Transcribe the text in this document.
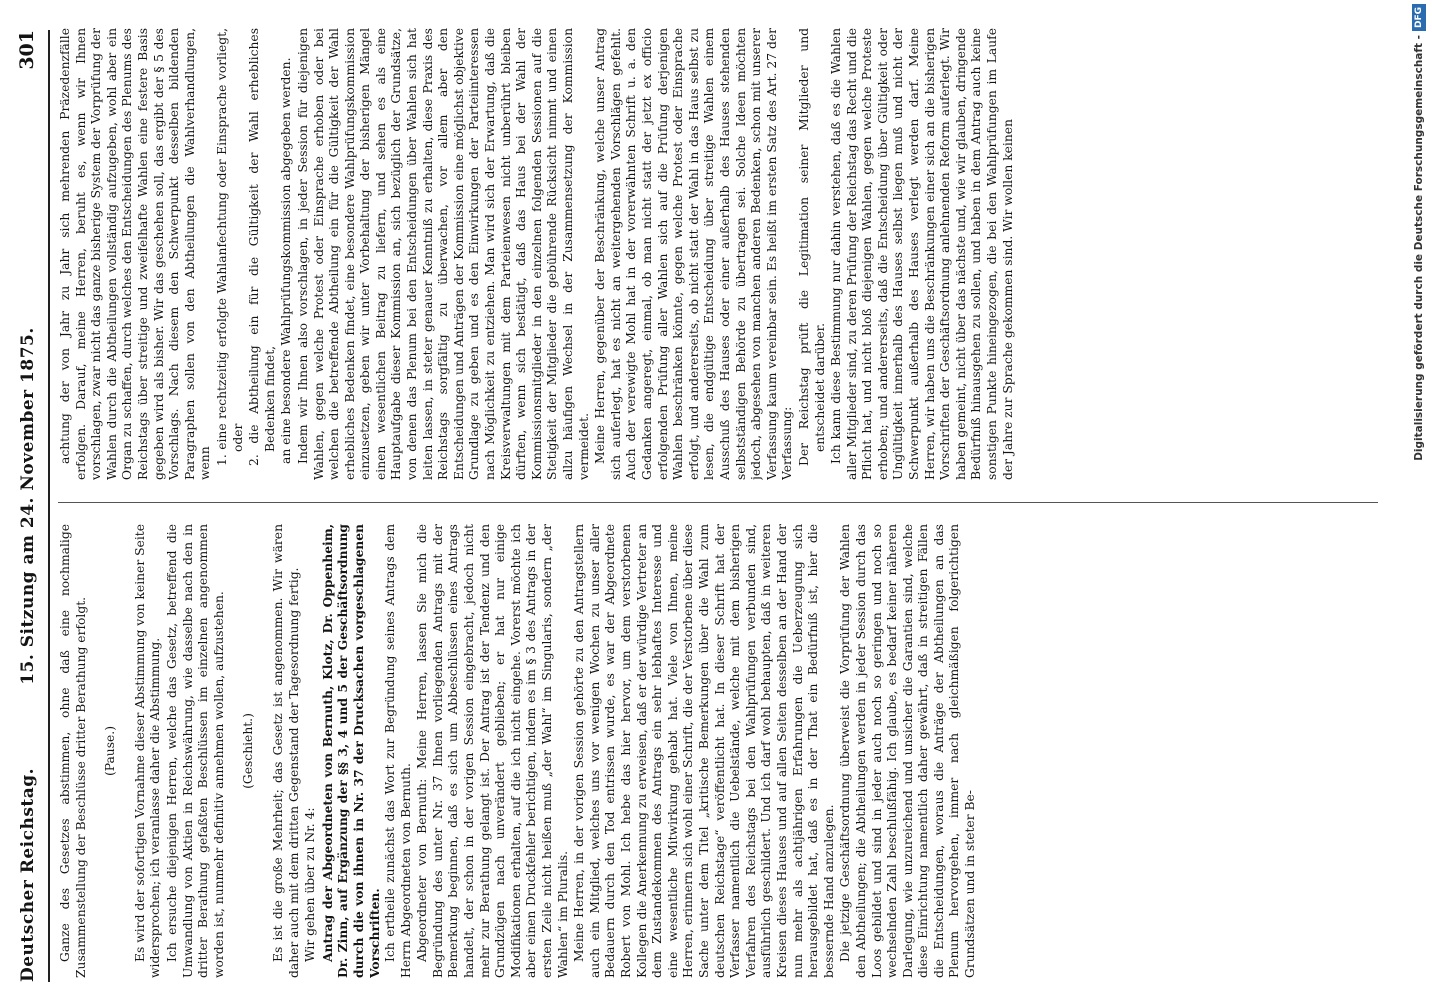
Deutscher Reichstag.
15. Sitzung am 24. November 1875.
301

Ganze des Gesetzes abstimmen, ohne daß eine nochmalige Zusammenstellung der Beschlüsse dritter Berathung erfolgt. (Pause.) Es wird der sofortigen Vornahme dieser Abstimmung von keiner Seite widersprochen; ich veranlasse daher die Abstimmung. Ich ersuche diejenigen Herren, welche das Gesetz, betreffend die Umwandlung von Aktien in Reichswährung, wie dasselbe nach den in dritter Berathung gefaßten Beschlüssen im einzelnen angenommen worden ist, nunmehr definitiv annehmen wollen, aufzustehen. (Geschieht.) Es ist die große Mehrheit; das Gesetz ist angenommen. Wir wären daher auch mit dem dritten Gegenstand der Tagesordnung fertig. Wir gehen über zu Nr. 4: Antrag der Abgeordneten von Bernuth, Klotz, Dr. Oppenheim, Dr. Zinn, auf Ergänzung der §§ 3, 4 und 5 der Geschäftsordnung durch die von ihnen in Nr. 37 der Drucksachen vorgeschlagenen Vorschriften. Ich ertheile zunächst das Wort zur Begründung seines Antrags dem Herrn Abgeordneten von Bernuth. Abgeordneter von Bernuth: Meine Herren, lassen Sie mich die Begründung des unter Nr. 37 Ihnen vorliegenden Antrags mit der Bemerkung beginnen, daß es sich um Abbeschlüssen eines Antrags handelt, der schon in der vorigen Session eingebracht, jedoch nicht mehr zur Berathung gelangt ist. Der Antrag ist der Tendenz und den Grundzügen nach unverändert geblieben; er hat nur einige Modifikationen erhalten, auf die ich nicht eingehe. Vorerst möchte ich aber einen Druckfehler berichtigen, indem es im § 3 des Antrags in der ersten Zeile nicht heißen muß „der Wahl“ im Singularis, sondern „der Wahlen“ im Pluralis. Meine Herren, in der vorigen Session gehörte zu den Antragstellern auch ein Mitglied, welches uns vor wenigen Wochen zu unser aller Bedauern durch den Tod entrissen wurde, es war der Abgeordnete Robert von Mohl. Ich hebe das hier hervor, um dem verstorbenen Kollegen die Anerkennung zu erweisen, daß er der würdige Vertreter an dem Zustandekommen des Antrags ein sehr lebhaftes Interesse und eine wesentliche Mitwirkung gehabt hat. Viele von Ihnen, meine Herren, erinnern sich wohl einer Schrift, die der Verstorbene über diese Sache unter dem Titel „kritische Bemerkungen über die Wahl zum deutschen Reichstage“ veröffentlicht hat. In dieser Schrift hat der Verfasser namentlich die Uebelstände, welche mit dem bisherigen Verfahren des Reichstags bei den Wahlprüfungen verbunden sind, ausführlich geschildert. Und ich darf wohl behaupten, daß in weiteren Kreisen dieses Hauses und auf allen Seiten desselben an der Hand der nun mehr als achtjährigen Erfahrungen die Ueberzeugung sich herausgebildet hat, daß es in der That ein Bedürfniß ist, hier die bessernde Hand anzulegen. Die jetzige Geschäftsordnung überweist die Vorprüfung der Wahlen den Abtheilungen; die Abtheilungen werden in jeder Session durch das Loos gebildet und sind in jeder auch noch so geringen und noch so wechselnden Zahl beschlußfähig. Ich glaube, es bedarf keiner näheren Darlegung, wie unzureichend und unsicher die Garantien sind, welche diese Einrichtung namentlich daher gewährt, daß in streitigen Fällen die Entscheidungen, woraus die Anträge der Abtheilungen an das Plenum hervorgehen, immer nach gleichmäßigen folgerichtigen Grundsätzen und in steter Be-

achtung der von Jahr zu Jahr sich mehrenden Präzedenzfälle erfolgen. Darauf, meine Herren, beruht es, wenn wir Ihnen vorschlagen, zwar nicht das ganze bisherige System der Vorprüfung der Wahlen durch die Abtheilungen vollständig aufzugeben, wohl aber ein Organ zu schaffen, durch welches den Entscheidungen des Plenums des Reichstags über streitige und zweifelhafte Wahlen eine festere Basis gegeben wird als bisher. Wir das geschehen soll, das ergibt der § 5 des Vorschlags. Nach diesem den Schwerpunkt desselben bildenden Paragraphen sollen von den Abtheilungen die Wahlverhandlungen, wenn 1. eine rechtzeitig erfolgte Wahlanfechtung oder Einsprache vorliegt, oder 2. die Abtheilung ein für die Gültigkeit der Wahl erhebliches Bedenken findet, an eine besondere Wahlprüfungskommission abgegeben werden. Indem wir Ihnen also vorschlagen, in jeder Session für diejenigen Wahlen, gegen welche Protest oder Einsprache erhoben oder bei welchen die betreffende Abtheilung ein für die Gültigkeit der Wahl erhebliches Bedenken findet, eine besondere Wahlprüfungskommission einzusetzen, geben wir unter Vorbehaltung der bisherigen Mängel einen wesentlichen Beitrag zu liefern, und sehen es als eine Hauptaufgabe dieser Kommission an, sich bezüglich der Grundsätze, von denen das Plenum bei den Entscheidungen über Wahlen sich hat leiten lassen, in steter genauer Kenntniß zu erhalten, diese Praxis des Reichstags sorgfältig zu überwachen, vor allem aber den Entscheidungen und Anträgen der Kommission eine möglichst objektive Grundlage zu geben und es den Einwirkungen der Parteiinteressen nach Möglichkeit zu entziehen. Man wird sich der Erwartung, daß die Kreisverwaltungen mit dem Parteienwesen nicht unberührt bleiben dürften, wenn sich bestätigt, daß das Haus bei der Wahl der Kommissionsmitglieder in den einzelnen folgenden Sessionen auf die Stetigkeit der Mitglieder die gebührende Rücksicht nimmt und einen allzu häufigen Wechsel in der Zusammensetzung der Kommission vermeidet. Meine Herren, gegenüber der Beschränkung, welche unser Antrag sich auferlegt, hat es nicht an weitergehenden Vorschlägen gefehlt. Auch der verewigte Mohl hat in der vorerwähnten Schrift u. a. den Gedanken angeregt, einmal, ob man nicht statt der jetzt ex officio erfolgenden Prüfung aller Wahlen sich auf die Prüfung derjenigen Wahlen beschränken könnte, gegen welche Protest oder Einsprache erfolgt, und andererseits, ob nicht statt der Wahl in das Haus selbst zu lesen, die endgültige Entscheidung über streitige Wahlen einem Ausschuß des Hauses oder einer außerhalb des Hauses stehenden selbstständigen Behörde zu übertragen sei. Solche Ideen möchten jedoch, abgesehen von manchen anderen Bedenken, schon mit unserer Verfassung kaum vereinbar sein. Es heißt im ersten Satz des Art. 27 der Verfassung: Der Reichstag prüft die Legitimation seiner Mitglieder und entscheidet darüber. Ich kann diese Bestimmung nur dahin verstehen, daß es die Wahlen aller Mitglieder sind, zu deren Prüfung der Reichstag das Recht und die Pflicht hat, und nicht bloß diejenigen Wahlen, gegen welche Proteste erhoben; und andererseits, daß die Entscheidung über Gültigkeit oder Ungültigkeit innerhalb des Hauses selbst liegen muß und nicht der Schwerpunkt außerhalb des Hauses verlegt werden darf. Meine Herren, wir haben uns die Beschränkungen einer sich an die bisherigen Vorschriften der Geschäftsordnung anlehnenden Reform auferlegt. Wir haben gemeint, nicht über das nächste und, wie wir glauben, dringende Bedürfniß hinausgehen zu sollen, und haben in dem Antrag auch keine sonstigen Punkte hineingezogen, die bei den Wahlprüfungen im Laufe der Jahre zur Sprache gekommen sind. Wir wollen keinen	Digitalisierung gefördert durch die Deutsche Forschungsgemeinschaft -DFG
